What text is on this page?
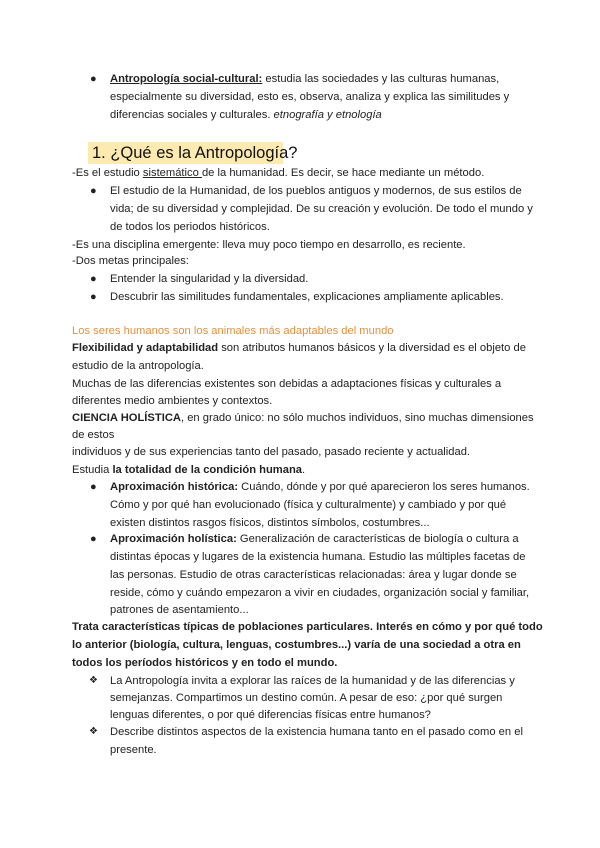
● Antropología social-cultural: estudia las sociedades y las culturas humanas,
especialmente su diversidad, esto es, observa, analiza y explica las similitudes y
diferencias sociales y culturales. etnografía y etnología
1. ¿Qué es la Antropología?
-Es el estudio sistemático de la humanidad. Es decir, se hace mediante un método.
● El estudio de la Humanidad, de los pueblos antiguos y modernos, de sus estilos de
vida; de su diversidad y complejidad. De su creación y evolución. De todo el mundo y
de todos los periodos históricos.
-Es una disciplina emergente: lleva muy poco tiempo en desarrollo, es reciente.
-Dos metas principales:
● Entender la singularidad y la diversidad.
● Descubrir las similitudes fundamentales, explicaciones ampliamente aplicables.
Los seres humanos son los animales más adaptables del mundo
Flexibilidad y adaptabilidad son atributos humanos básicos y la diversidad es el objeto de
estudio de la antropología.
Muchas de las diferencias existentes son debidas a adaptaciones físicas y culturales a
diferentes medio ambientes y contextos.
CIENCIA HOLÍSTICA, en grado único: no sólo muchos individuos, sino muchas dimensiones
de estos
individuos y de sus experiencias tanto del pasado, pasado reciente y actualidad.
Estudia la totalidad de la condición humana.
● Aproximación histórica: Cuándo, dónde y por qué aparecieron los seres humanos.
Cómo y por qué han evolucionado (física y culturalmente) y cambiado y por qué
existen distintos rasgos físicos, distintos símbolos, costumbres...
● Aproximación holística: Generalización de características de biología o cultura a
distintas épocas y lugares de la existencia humana. Estudio las múltiples facetas de
las personas. Estudio de otras características relacionadas: área y lugar donde se
reside, cómo y cuándo empezaron a vivir en ciudades, organización social y familiar,
patrones de asentamiento...
Trata características típicas de poblaciones particulares. Interés en cómo y por qué todo
lo anterior (biología, cultura, lenguas, costumbres...) varía de una sociedad a otra en
todos los períodos históricos y en todo el mundo.
❖ La Antropología invita a explorar las raíces de la humanidad y de las diferencias y
semejanzas. Compartimos un destino común. A pesar de eso: ¿por qué surgen
lenguas diferentes, o por qué diferencias físicas entre humanos?
❖ Describe distintos aspectos de la existencia humana tanto en el pasado como en el
presente.
